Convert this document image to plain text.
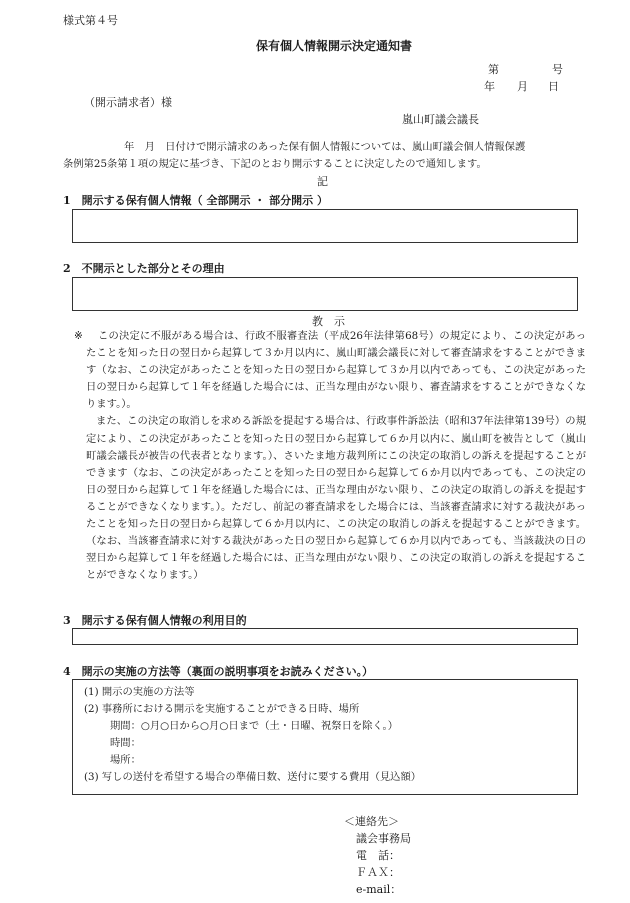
様式第４号
保有個人情報開示決定通知書
第	号
年 月 日
（開示請求者）様
嵐山町議会議長
年　月　日付けで開示請求のあった保有個人情報については、嵐山町議会個人情報保護
条例第25条第１項の規定に基づき、下記のとおり開示することに決定したので通知します。
記
1　開示する保有個人情報（ 全部開示 ・ 部分開示 ）
2　不開示とした部分とその理由
教　示
※	この決定に不服がある場合は、行政不服審査法（平成26年法律第68号）の規定により、この決定があったことを知った日の翌日から起算して３か月以内に、嵐山町議会議長に対して審査請求をすることができます（なお、この決定があったことを知った日の翌日から起算して３か月以内であっても、この決定があった日の翌日から起算して１年を経過した場合には、正当な理由がない限り、審査請求をすることができなくなります。）。

また、この決定の取消しを求める訴訟を提起する場合は、行政事件訴訟法（昭和37年法律第139号）の規定により、この決定があったことを知った日の翌日から起算して６か月以内に、嵐山町を被告として（嵐山町議会議長が被告の代表者となります。）、さいたま地方裁判所にこの決定の取消しの訴えを提起することができます（なお、この決定があったことを知った日の翌日から起算して６か月以内であっても、この決定の日の翌日から起算して１年を経過した場合には、正当な理由がない限り、この決定の取消しの訴えを提起することができなくなります。）。ただし、前記の審査請求をした場合には、当該審査請求に対する裁決があったことを知った日の翌日から起算して６か月以内に、この決定の取消しの訴えを提起することができます。（なお、当該審査請求に対する裁決があった日の翌日から起算して６か月以内であっても、当該裁決の日の翌日から起算して１年を経過した場合には、正当な理由がない限り、この決定の取消しの訴えを提起することができなくなります。）

3　開示する保有個人情報の利用目的
4　開示の実施の方法等（裏面の説明事項をお読みください。）
(1) 開示の実施の方法等
(2) 事務所における開示を実施することができる日時、場所
期間：○月○日から○月○日まで（土・日曜、祝祭日を除く。）
時間：
場所：
(3) 写しの送付を希望する場合の準備日数、送付に要する費用（見込額）
＜連絡先＞
議会事務局
電　話：
ＦＡＸ：
e-mail：
